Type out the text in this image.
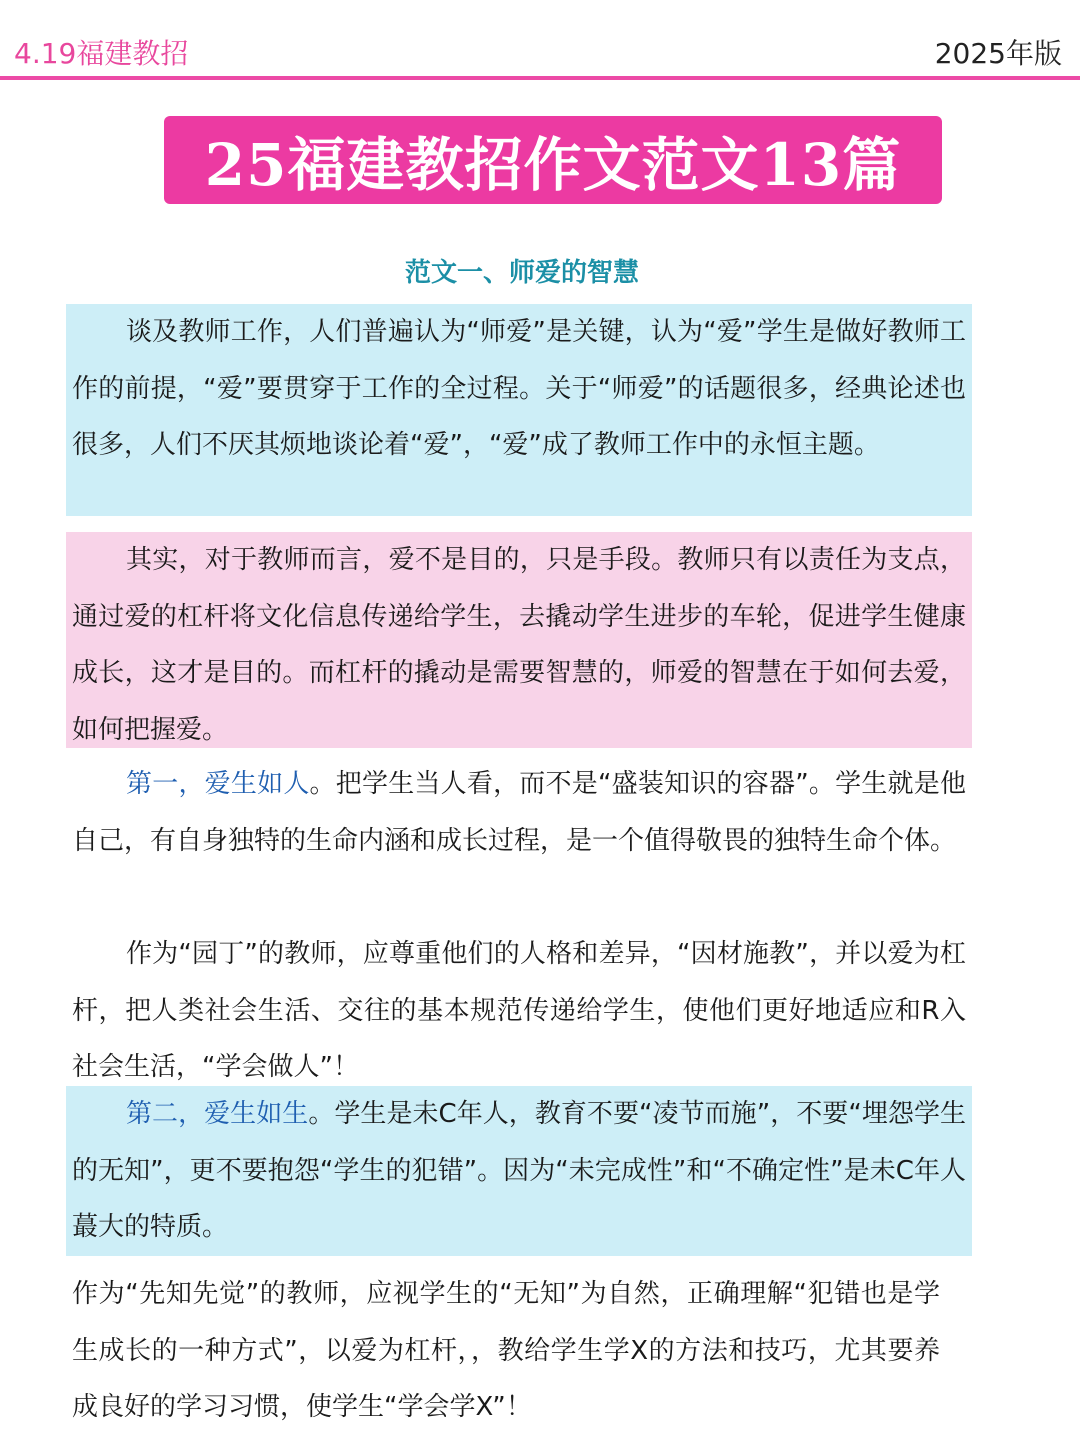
4.19福建教招	2025年版
25福建教招作文范文13篇
范文一、师爱的智慧
谈及教师工作，人们普遍认为“师爱”是关键，认为“爱”学生是做好教师工作的前提，“爱”要贯穿于工作的全过程。关于“师爱”的话题很多，经典论述也很多，人们不厌其烦地谈论着“爱”，“爱”成了教师工作中的永恒主题。
其实，对于教师而言，爱不是目的，只是手段。教师只有以责任为支点，通过爱的杠杆将文化信息传递给学生，去撬动学生进步的车轮，促进学生健康成长，这才是目的。而杠杆的撬动是需要智慧的，师爱的智慧在于如何去爱，如何把握爱。
第一，爱生如人。把学生当人看，而不是“盛装知识的容器”。学生就是他自己，有自身独特的生命内涵和成长过程，是一个值得敬畏的独特生命个体。
作为“园丁”的教师，应尊重他们的人格和差异，“因材施教”，并以爱为杠杆，把人类社会生活、交往的基本规范传递给学生，使他们更好地适应和R入社会生活，“学会做人”！
第二，爱生如生。学生是未C年人，教育不要“凌节而施”，不要“埋怨学生的无知”，更不要抱怨“学生的犯错”。因为“未完成性”和“不确定性”是未C年人蕞大的特质。
作为“先知先觉”的教师，应视学生的“无知”为自然，正确理解“犯错也是学生成长的一种方式”，以爱为杠杆，，教给学生学X的方法和技巧，尤其要养成良好的学习习惯，使学生“学会学X”！
